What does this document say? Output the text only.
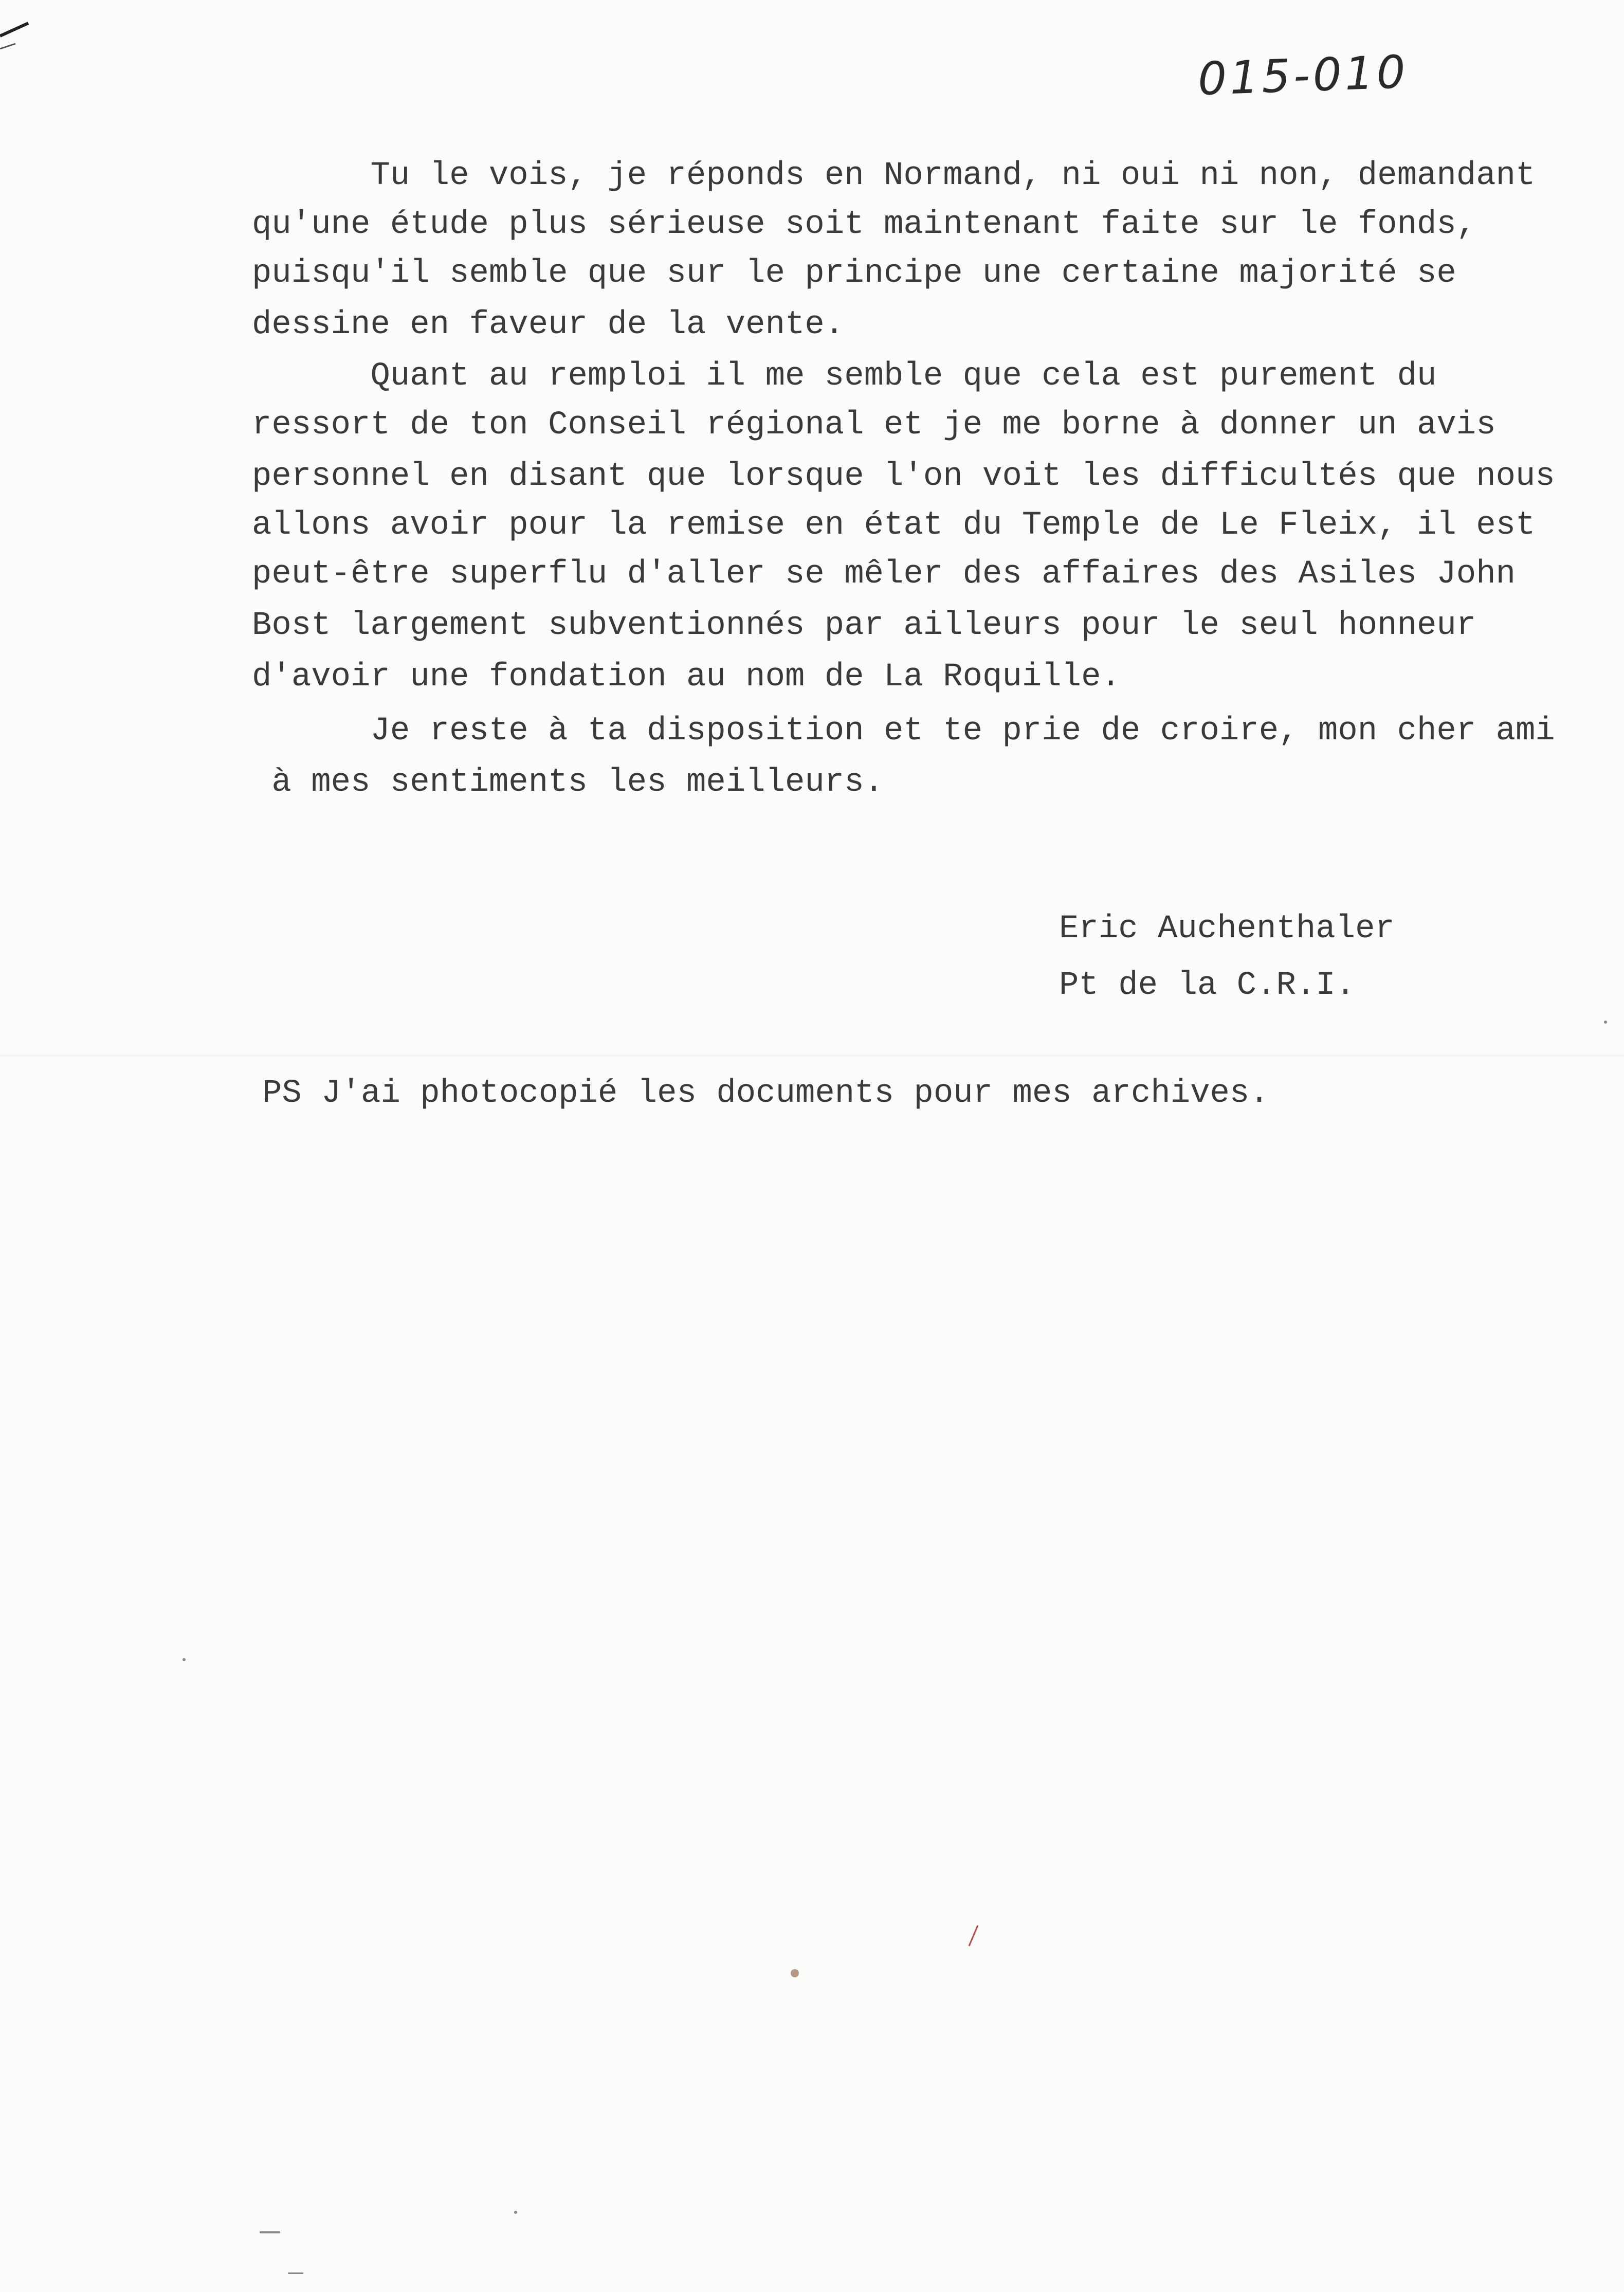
015-010

Tu le vois, je réponds en Normand, ni oui ni non, demandant

qu'une étude plus sérieuse soit maintenant faite sur le fonds,

puisqu'il semble que sur le principe une certaine majorité se

dessine en faveur de la vente.

Quant au remploi il me semble que cela est purement du

ressort de ton Conseil régional et je me borne à donner un avis

personnel en disant que lorsque l'on voit les difficultés que nous

allons avoir pour la remise en état du Temple de Le Fleix, il est

peut-être superflu d'aller se mêler des affaires des Asiles John

Bost largement subventionnés par ailleurs pour le seul honneur

d'avoir une fondation au nom de La Roquille.

Je reste à ta disposition et te prie de croire, mon cher ami

à mes sentiments les meilleurs.

Eric Auchenthaler

Pt de la C.R.I.

PS J'ai photocopié les documents pour mes archives.
